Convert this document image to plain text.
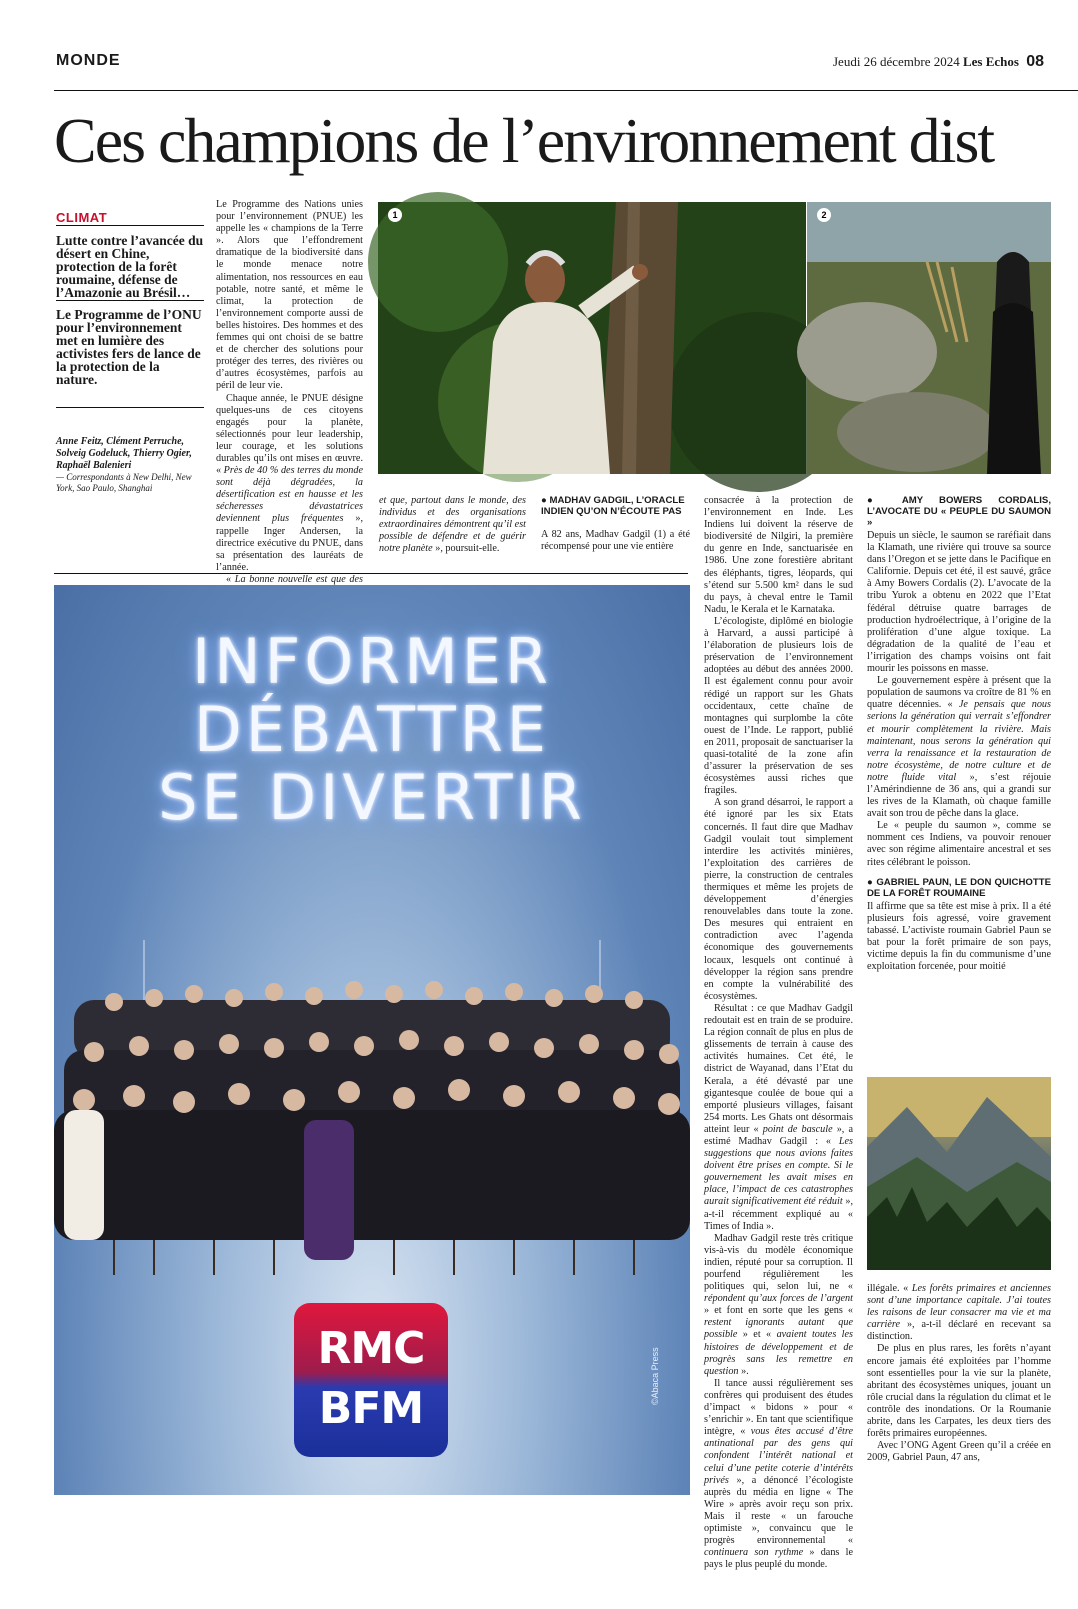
MONDE	Jeudi 26 décembre 2024 Les Echos 08
Ces champions de l’environnement dist
CLIMAT
Lutte contre l’avancée du désert en Chine, protection de la forêt roumaine, défense de l’Amazonie au Brésil…
Le Programme de l’ONU pour l’environnement met en lumière des activistes fers de lance de la protection de la nature.
Anne Feitz, Clément Perruche, Solveig Godeluck, Thierry Ogier, Raphaël Balenieri
— Correspondants à New Delhi, New York, Sao Paulo, Shanghai

Le Programme des Nations unies pour l’environnement (PNUE) les appelle les « champions de la Terre ». Alors que l’effondrement dramatique de la biodiversité dans le monde menace notre alimentation, nos ressources en eau potable, notre santé, et même le climat, la protection de l’environnement comporte aussi de belles histoires. Des hommes et des femmes qui ont choisi de se battre et de chercher des solutions pour protéger des terres, des rivières ou d’autres écosystèmes, parfois au péril de leur vie.

Chaque année, le PNUE désigne quelques-uns de ces citoyens engagés pour la planète, sélectionnés pour leur leadership, leur courage, et les solutions durables qu’ils ont mises en œuvre. « Près de 40 % des terres du monde sont déjà dégradées, la désertification est en hausse et les sécheresses dévastatrices deviennent plus fréquentes », rappelle Inger Andersen, la directrice exécutive du PNUE, dans sa présentation des lauréats de l’année.

« La bonne nouvelle est que des

et que, partout dans le monde, des individus et des organisations extraordinaires démontrent qu’il est possible de défendre et de guérir notre planète », poursuit-elle.

1	2
● MADHAV GADGIL, L’ORACLE INDIEN QU’ON N’ÉCOUTE PAS

A 82 ans, Madhav Gadgil (1) a été récompensé pour une vie entière

consacrée à la protection de l’environnement en Inde. Les Indiens lui doivent la réserve de biodiversité de Nilgiri, la première du genre en Inde, sanctuarisée en 1986. Une zone forestière abritant des éléphants, tigres, léopards, qui s’étend sur 5.500 km² dans le sud du pays, à cheval entre le Tamil Nadu, le Kerala et le Karnataka.

L’écologiste, diplômé en biologie à Harvard, a aussi participé à l’élaboration de plusieurs lois de préservation de l’environnement adoptées au début des années 2000. Il est également connu pour avoir rédigé un rapport sur les Ghats occidentaux, cette chaîne de montagnes qui surplombe la côte ouest de l’Inde. Le rapport, publié en 2011, proposait de sanctuariser la quasi-totalité de la zone afin d’assurer la préservation de ses écosystèmes aussi riches que fragiles.

A son grand désarroi, le rapport a été ignoré par les six Etats concernés. Il faut dire que Madhav Gadgil voulait tout simplement interdire les activités minières, l’exploitation des carrières de pierre, la construction de centrales thermiques et même les projets de développement d’énergies renouvelables dans toute la zone. Des mesures qui entraient en contradiction avec l’agenda économique des gouvernements locaux, lesquels ont continué à développer la région sans prendre en compte la vulnérabilité des écosystèmes.

Résultat : ce que Madhav Gadgil redoutait est en train de se produire. La région connaît de plus en plus de glissements de terrain à cause des activités humaines. Cet été, le district de Wayanad, dans l’Etat du Kerala, a été dévasté par une gigantesque coulée de boue qui a emporté plusieurs villages, faisant 254 morts. Les Ghats ont désormais atteint leur « point de bascule », a estimé Madhav Gadgil : « Les suggestions que nous avions faites doivent être prises en compte. Si le gouvernement les avait mises en place, l’impact de ces catastrophes aurait significativement été réduit », a-t-il récemment expliqué au « Times of India ».

Madhav Gadgil reste très critique vis-à-vis du modèle économique indien, réputé pour sa corruption. Il pourfend régulièrement les politiques qui, selon lui, ne « répondent qu’aux forces de l’argent » et font en sorte que les gens « restent ignorants autant que possible » et « avaient toutes les histoires de développement et de progrès sans les remettre en question ».

Il tance aussi régulièrement ses confrères qui produisent des études d’impact « bidons » pour « s’enrichir ». En tant que scientifique intègre, « vous êtes accusé d’être antinational par des gens qui confondent l’intérêt national et celui d’une petite coterie d’intérêts privés », a dénoncé l’écologiste auprès du média en ligne « The Wire » après avoir reçu son prix. Mais il reste « un farouche optimiste », convaincu que le progrès environnemental « continuera son rythme » dans le pays le plus peuplé du monde.

● AMY BOWERS CORDALIS, L’AVOCATE DU « PEUPLE DU SAUMON »

Depuis un siècle, le saumon se raréfiait dans la Klamath, une rivière qui trouve sa source dans l’Oregon et se jette dans le Pacifique en Californie. Depuis cet été, il est sauvé, grâce à Amy Bowers Cordalis (2). L’avocate de la tribu Yurok a obtenu en 2022 que l’Etat fédéral détruise quatre barrages de production hydroélectrique, à l’origine de la prolifération d’une algue toxique. La dégradation de la qualité de l’eau et l’irrigation des champs voisins ont fait mourir les poissons en masse.

Le gouvernement espère à présent que la population de saumons va croître de 81 % en quatre décennies. « Je pensais que nous serions la génération qui verrait s’effondrer et mourir complètement la rivière. Mais maintenant, nous serons la génération qui verra la renaissance et la restauration de notre écosystème, de notre culture et de notre fluide vital », s’est réjouie l’Amérindienne de 36 ans, qui a grandi sur les rives de la Klamath, où chaque famille avait son trou de pêche dans la glace.

Le « peuple du saumon », comme se nomment ces Indiens, va pouvoir renouer avec son régime alimentaire ancestral et ses rites célébrant le poisson.

● GABRIEL PAUN, LE DON QUICHOTTE DE LA FORÊT ROUMAINE

Il affirme que sa tête est mise à prix. Il a été plusieurs fois agressé, voire gravement tabassé. L’activiste roumain Gabriel Paun se bat pour la forêt primaire de son pays, victime depuis la fin du communisme d’une exploitation forcenée, pour moitié

illégale. « Les forêts primaires et anciennes sont d’une importance capitale. J’ai toutes les raisons de leur consacrer ma vie et ma carrière », a-t-il déclaré en recevant sa distinction.

De plus en plus rares, les forêts n’ayant encore jamais été exploitées par l’homme sont essentielles pour la vie sur la planète, abritant des écosystèmes uniques, jouant un rôle crucial dans la régulation du climat et le contrôle des inondations. Or la Roumanie abrite, dans les Carpates, les deux tiers des forêts primaires européennes.

Avec l’ONG Agent Green qu’il a créée en 2009, Gabriel Paun, 47 ans,

INFORMER
DÉBATTRE
SE DIVERTIR
RMC
BFM
©Abaca Press
